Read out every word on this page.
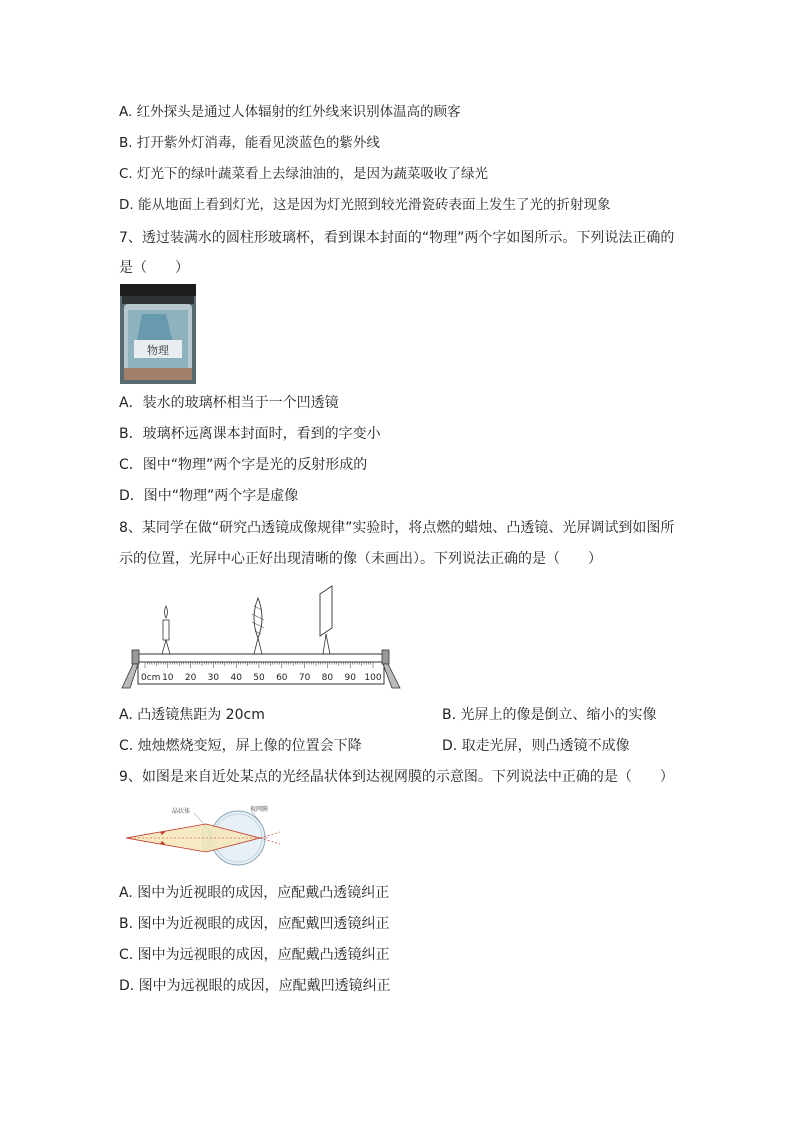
A. 红外探头是通过人体辐射的红外线来识别体温高的顾客
B. 打开紫外灯消毒，能看见淡蓝色的紫外线
C. 灯光下的绿叶蔬菜看上去绿油油的，是因为蔬菜吸收了绿光
D. 能从地面上看到灯光，这是因为灯光照到较光滑瓷砖表面上发生了光的折射现象
7、透过装满水的圆柱形玻璃杯，看到课本封面的“物理”两个字如图所示。下列说法正确的
是（　　）
物理
A．装水的玻璃杯相当于一个凹透镜
B．玻璃杯远离课本封面时，看到的字变小
C．图中“物理”两个字是光的反射形成的
D．图中“物理”两个字是虚像
8、某同学在做“研究凸透镜成像规律”实验时，将点燃的蜡烛、凸透镜、光屏调试到如图所
示的位置，光屏中心正好出现清晰的像（未画出）。下列说法正确的是（　　）
0cm 10 20 30 40 50 60 70 80 90 100
A. 凸透镜焦距为 20cm	B. 光屏上的像是倒立、缩小的实像
C. 烛烛燃烧变短，屏上像的位置会下降	D. 取走光屏，则凸透镜不成像
9、如图是来自近处某点的光经晶状体到达视网膜的示意图。下列说法中正确的是（　　）
晶状体	视网膜
A. 图中为近视眼的成因，应配戴凸透镜纠正
B. 图中为近视眼的成因，应配戴凹透镜纠正
C. 图中为远视眼的成因，应配戴凸透镜纠正
D. 图中为远视眼的成因，应配戴凹透镜纠正
